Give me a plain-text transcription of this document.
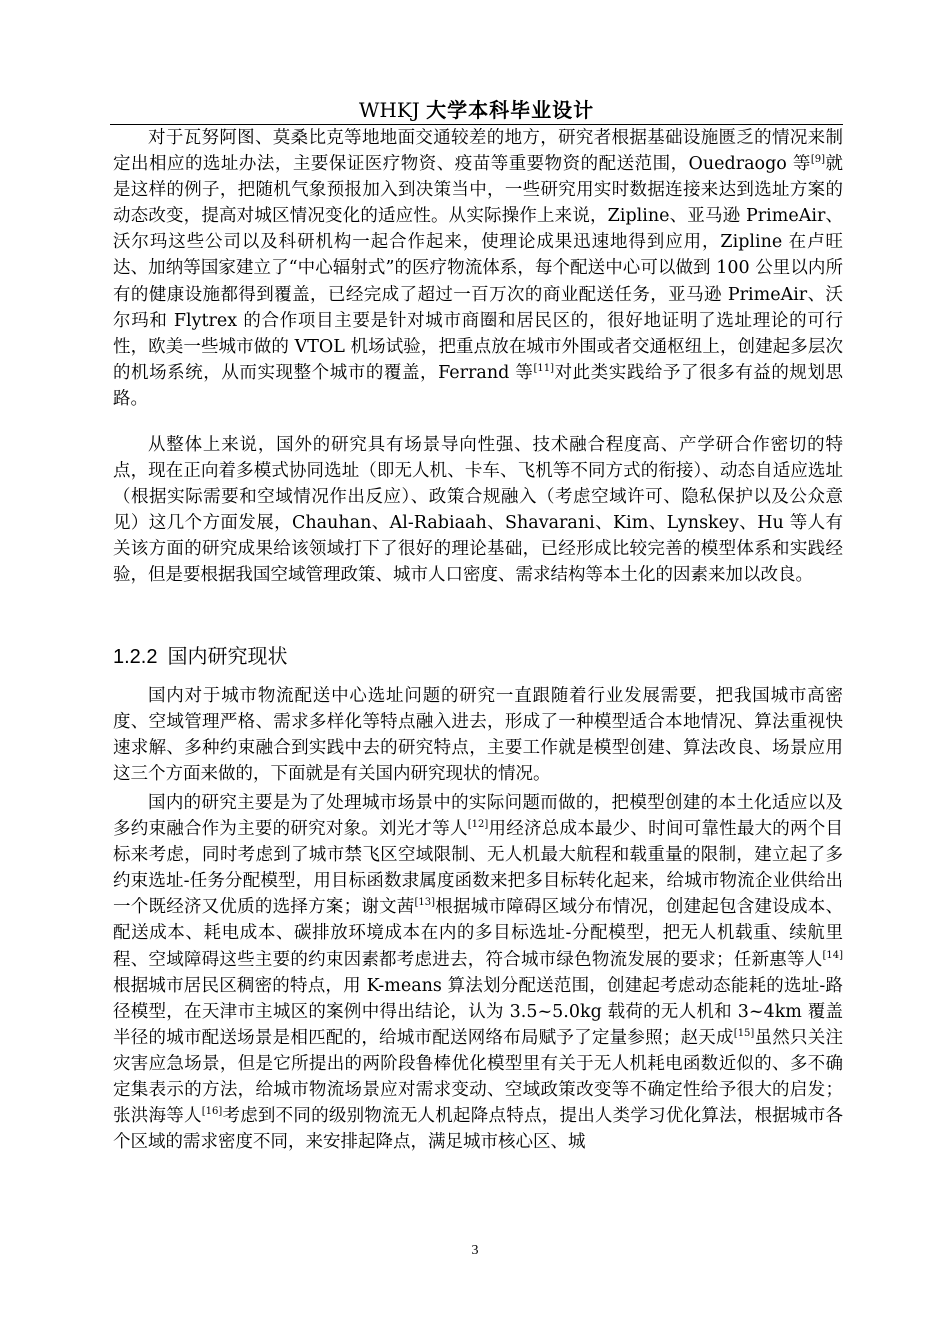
WHKJ 大学本科毕业设计

对于瓦努阿图、莫桑比克等地地面交通较差的地方，研究者根据基础设施匮乏的情况来制定出相应的选址办法，主要保证医疗物资、疫苗等重要物资的配送范围，Ouedraogo 等[9]就是这样的例子，把随机气象预报加入到决策当中，一些研究用实时数据连接来达到选址方案的动态改变，提高对城区情况变化的适应性。从实际操作上来说，Zipline、亚马逊 PrimeAir、沃尔玛这些公司以及科研机构一起合作起来，使理论成果迅速地得到应用，Zipline 在卢旺达、加纳等国家建立了“中心辐射式”的医疗物流体系，每个配送中心可以做到 100 公里以内所有的健康设施都得到覆盖，已经完成了超过一百万次的商业配送任务，亚马逊 PrimeAir、沃尔玛和 Flytrex 的合作项目主要是针对城市商圈和居民区的，很好地证明了选址理论的可行性，欧美一些城市做的 VTOL 机场试验，把重点放在城市外围或者交通枢纽上，创建起多层次的机场系统，从而实现整个城市的覆盖，Ferrand 等[11]对此类实践给予了很多有益的规划思路。

从整体上来说，国外的研究具有场景导向性强、技术融合程度高、产学研合作密切的特点，现在正向着多模式协同选址（即无人机、卡车、飞机等不同方式的衔接）、动态自适应选址（根据实际需要和空域情况作出反应）、政策合规融入（考虑空域许可、隐私保护以及公众意见）这几个方面发展，Chauhan、Al-Rabiaah、Shavarani、Kim、Lynskey、Hu 等人有关该方面的研究成果给该领域打下了很好的理论基础，已经形成比较完善的模型体系和实践经验，但是要根据我国空域管理政策、城市人口密度、需求结构等本土化的因素来加以改良。

1.2.2 国内研究现状

国内对于城市物流配送中心选址问题的研究一直跟随着行业发展需要，把我国城市高密度、空域管理严格、需求多样化等特点融入进去，形成了一种模型适合本地情况、算法重视快速求解、多种约束融合到实践中去的研究特点，主要工作就是模型创建、算法改良、场景应用这三个方面来做的，下面就是有关国内研究现状的情况。

国内的研究主要是为了处理城市场景中的实际问题而做的，把模型创建的本土化适应以及多约束融合作为主要的研究对象。刘光才等人[12]用经济总成本最少、时间可靠性最大的两个目标来考虑，同时考虑到了城市禁飞区空域限制、无人机最大航程和载重量的限制，建立起了多约束选址-任务分配模型，用目标函数隶属度函数来把多目标转化起来，给城市物流企业供给出一个既经济又优质的选择方案；谢文茜[13]根据城市障碍区域分布情况，创建起包含建设成本、配送成本、耗电成本、碳排放环境成本在内的多目标选址-分配模型，把无人机载重、续航里程、空域障碍这些主要的约束因素都考虑进去，符合城市绿色物流发展的要求；任新惠等人[14]根据城市居民区稠密的特点，用 K-means 算法划分配送范围，创建起考虑动态能耗的选址-路径模型，在天津市主城区的案例中得出结论，认为 3.5~5.0kg 载荷的无人机和 3~4km 覆盖半径的城市配送场景是相匹配的，给城市配送网络布局赋予了定量参照；赵天成[15]虽然只关注灾害应急场景，但是它所提出的两阶段鲁棒优化模型里有关于无人机耗电函数近似的、多不确定集表示的方法，给城市物流场景应对需求变动、空域政策改变等不确定性给予很大的启发；张洪海等人[16]考虑到不同的级别物流无人机起降点特点，提出人类学习优化算法，根据城市各个区域的需求密度不同，来安排起降点，满足城市核心区、城

3
